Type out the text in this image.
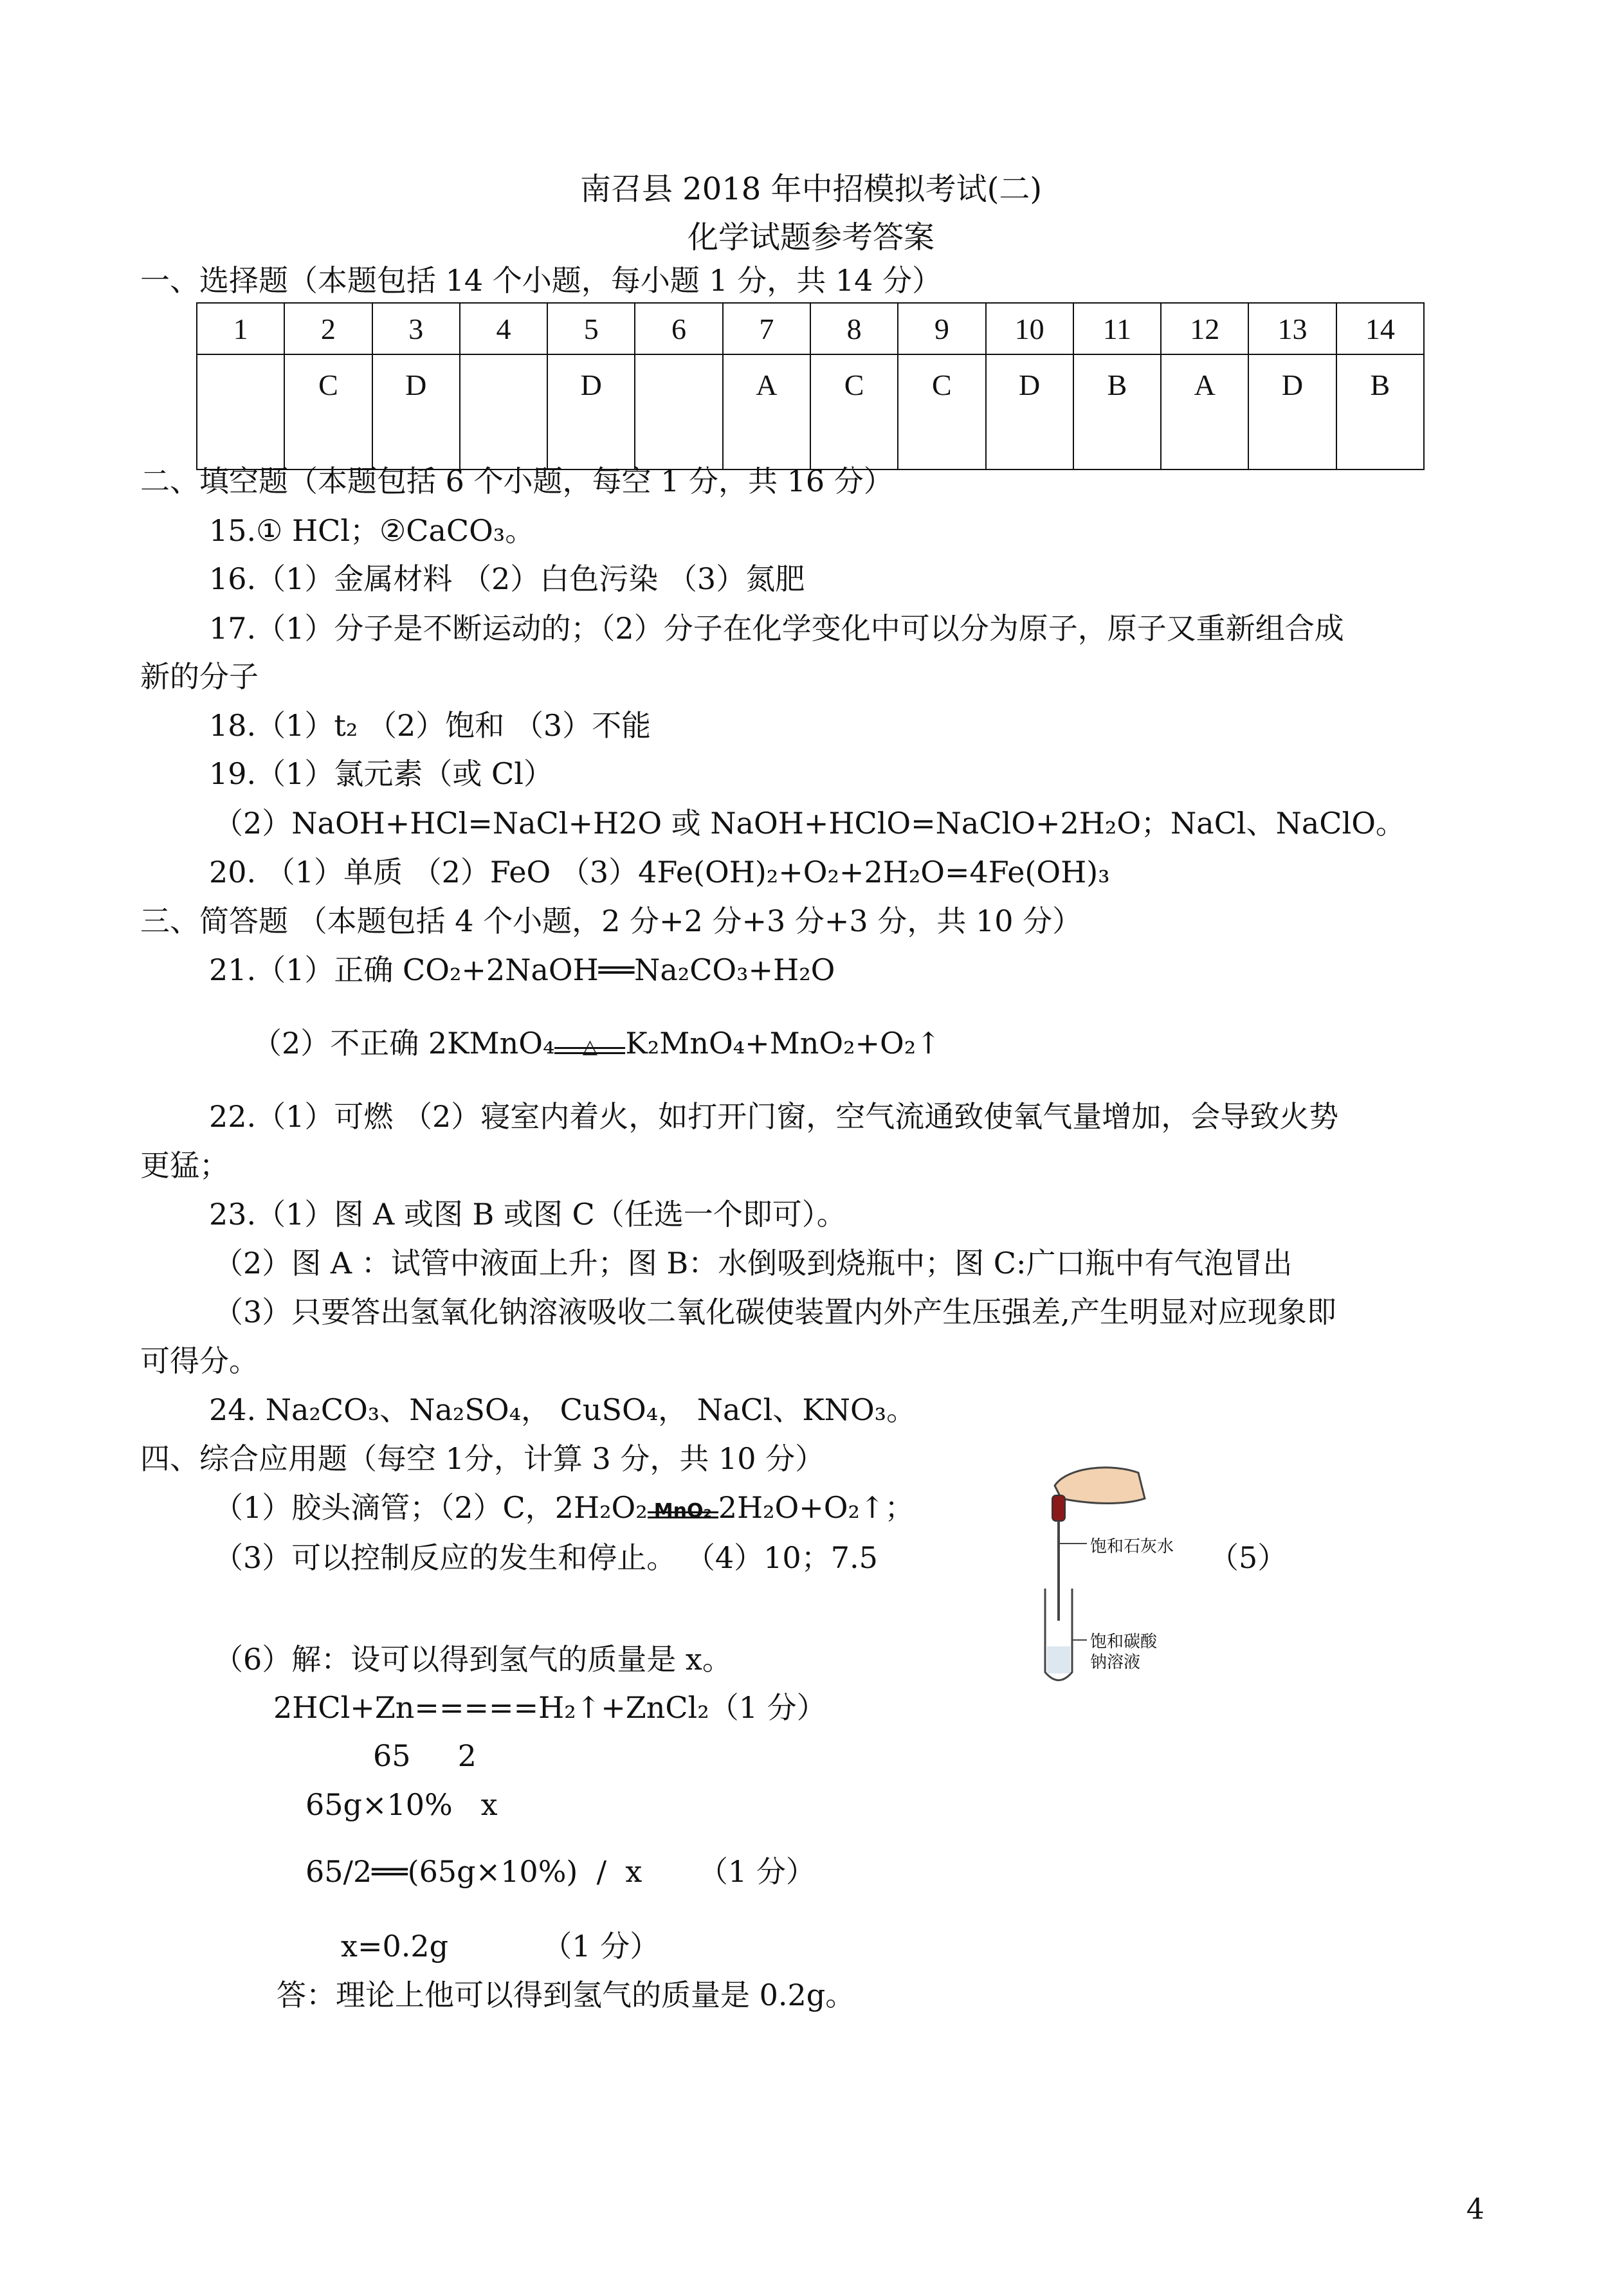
南召县 2018 年中招模拟考试(二)
化学试题参考答案
一、选择题（本题包括 14 个小题，每小题 1 分，共 14 分）
1	2	3	4	5	6	7	8	9	10	11	12	13	14
	C	D		D		A	C	C	D	B	A	D	B
二、填空题（本题包括 6 个小题，每空 1 分，共 16 分）
15.① HCl；②CaCO₃。
16.（1）金属材料 （2）白色污染 （3）氮肥
17.（1）分子是不断运动的；（2）分子在化学变化中可以分为原子，原子又重新组合成
新的分子
18.（1）t₂ （2）饱和 （3）不能
19.（1）氯元素（或 Cl）
（2）NaOH+HCl=NaCl+H2O 或 NaOH+HClO=NaClO+2H₂O；NaCl、NaClO。
20. （1）单质 （2）FeO （3）4Fe(OH)₂+O₂+2H₂O=4Fe(OH)₃
三、简答题 （本题包括 4 个小题，2 分+2 分+3 分+3 分，共 10 分）
21.（1）正确 CO₂+2NaOH══Na₂CO₃+H₂O
（2）不正确 2KMnO₄	△ K₂MnO₄+MnO₂+O₂↑
22.（1）可燃 （2）寝室内着火，如打开门窗，空气流通致使氧气量增加，会导致火势
更猛；
23.（1）图 A 或图 B 或图 C（任选一个即可）。
（2）图 A ：试管中液面上升；图 B：水倒吸到烧瓶中；图 C:广口瓶中有气泡冒出
（3）只要答出氢氧化钠溶液吸收二氧化碳使装置内外产生压强差,产生明显对应现象即
可得分。
24. Na₂CO₃、Na₂SO₄， CuSO₄， NaCl、KNO₃。
四、综合应用题（每空 1分，计算 3 分，共 10 分）
（1）胶头滴管；（2）C，2H₂O₂ MnO₂ 2H₂O+O₂↑；
（3）可以控制反应的发生和停止。 （4）10；7.5	（5）
饱和石灰水
饱和碳酸
钠溶液
（6）解：设可以得到氢气的质量是 x。
2HCl+Zn=====H₂↑+ZnCl₂（1 分）
65     2
65g×10%   x
65/2══(65g×10%)  /  x      （1 分）
x=0.2g          （1 分）
答：理论上他可以得到氢气的质量是 0.2g。
4
